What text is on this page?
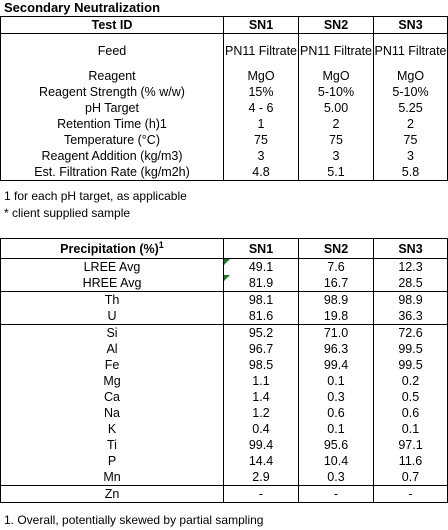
Secondary Neutralization
Test ID	SN1	SN2	SN3
Feed	PN11 Filtrate	PN11 Filtrate	PN11 Filtrate
Reagent	MgO	MgO	MgO
Reagent Strength (% w/w)	15%	5-10%	5-10%
pH Target	4 - 6	5.00	5.25
Retention Time (h)1	1	2	2
Temperature (°C)	75	75	75
Reagent Addition (kg/m3)	3	3	3
Est. Filtration Rate (kg/m2h)	4.8	5.1	5.8
1 for each pH target, as applicable
* client supplied sample
Precipitation (%)$^1$	SN1	SN2	SN3
LREE Avg	49.1	7.6	12.3
HREE Avg	81.9	16.7	28.5
Th	98.1	98.9	98.9
U	81.6	19.8	36.3
Si	95.2	71.0	72.6
Al	96.7	96.3	99.5
Fe	98.5	99.4	99.5
Mg	1.1	0.1	0.2
Ca	1.4	0.3	0.5
Na	1.2	0.6	0.6
K	0.4	0.1	0.1
Ti	99.4	95.6	97.1
P	14.4	10.4	11.6
Mn	2.9	0.3	0.7
Zn	-	-	-
1. Overall, potentially skewed by partial sampling
